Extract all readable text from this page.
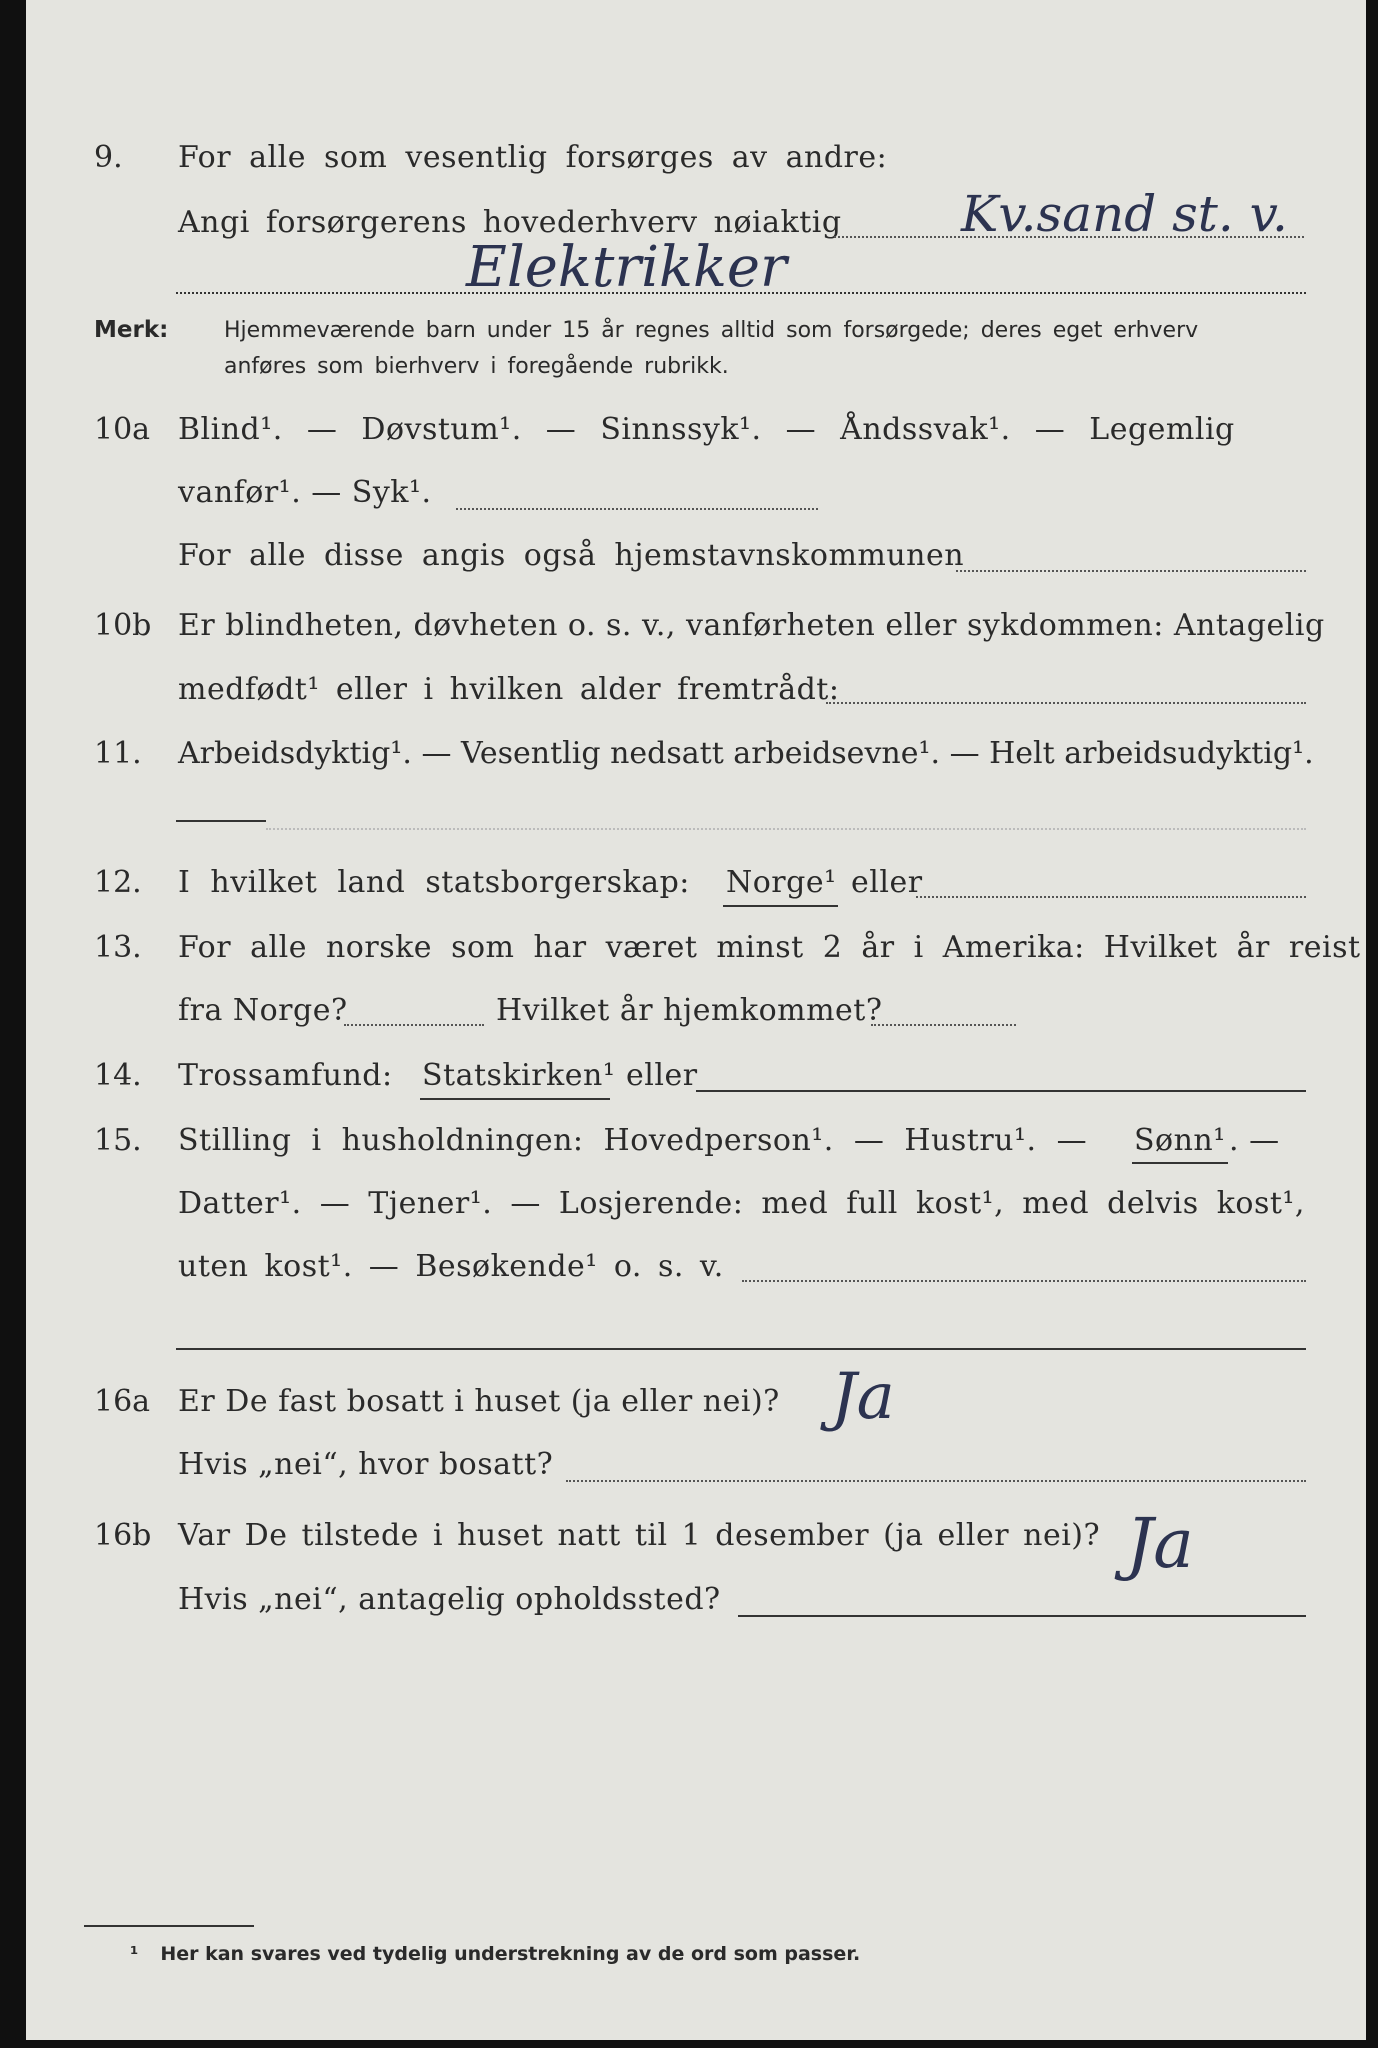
9. For alle som vesentlig forsørges av andre:
Angi forsørgerens hovederhverv nøiaktig Kv.sand st. v.
Elektrikker
Merk:	Hjemmeværende barn under 15 år regnes alltid som forsørgede; deres eget erhverv
anføres som bierhverv i foregående rubrikk.
10a Blind¹. — Døvstum¹. — Sinnssyk¹. — Åndssvak¹. — Legemlig
vanfør¹. — Syk¹.
For alle disse angis også hjemstavnskommunen
10b Er blindheten, døvheten o. s. v., vanførheten eller sykdommen: Antagelig
medfødt¹ eller i hvilken alder fremtrådt:
11. Arbeidsdyktig¹. — Vesentlig nedsatt arbeidsevne¹. — Helt arbeidsudyktig¹.
12. I hvilket land statsborgerskap: Norge¹ eller
13. For alle norske som har været minst 2 år i Amerika: Hvilket år reist
fra Norge?	Hvilket år hjemkommet?
14. Trossamfund: Statskirken¹ eller
15. Stilling i husholdningen: Hovedperson¹. — Hustru¹. — Sønn¹ . —
Datter¹. — Tjener¹. — Losjerende: med full kost¹, med delvis kost¹,
uten kost¹. — Besøkende¹ o. s. v.
16a Er De fast bosatt i huset (ja eller nei)? Ja
Hvis „nei“, hvor bosatt?
16b Var De tilstede i huset natt til 1 desember (ja eller nei)? Ja
Hvis „nei“, antagelig opholdssted?
¹ Her kan svares ved tydelig understrekning av de ord som passer.
